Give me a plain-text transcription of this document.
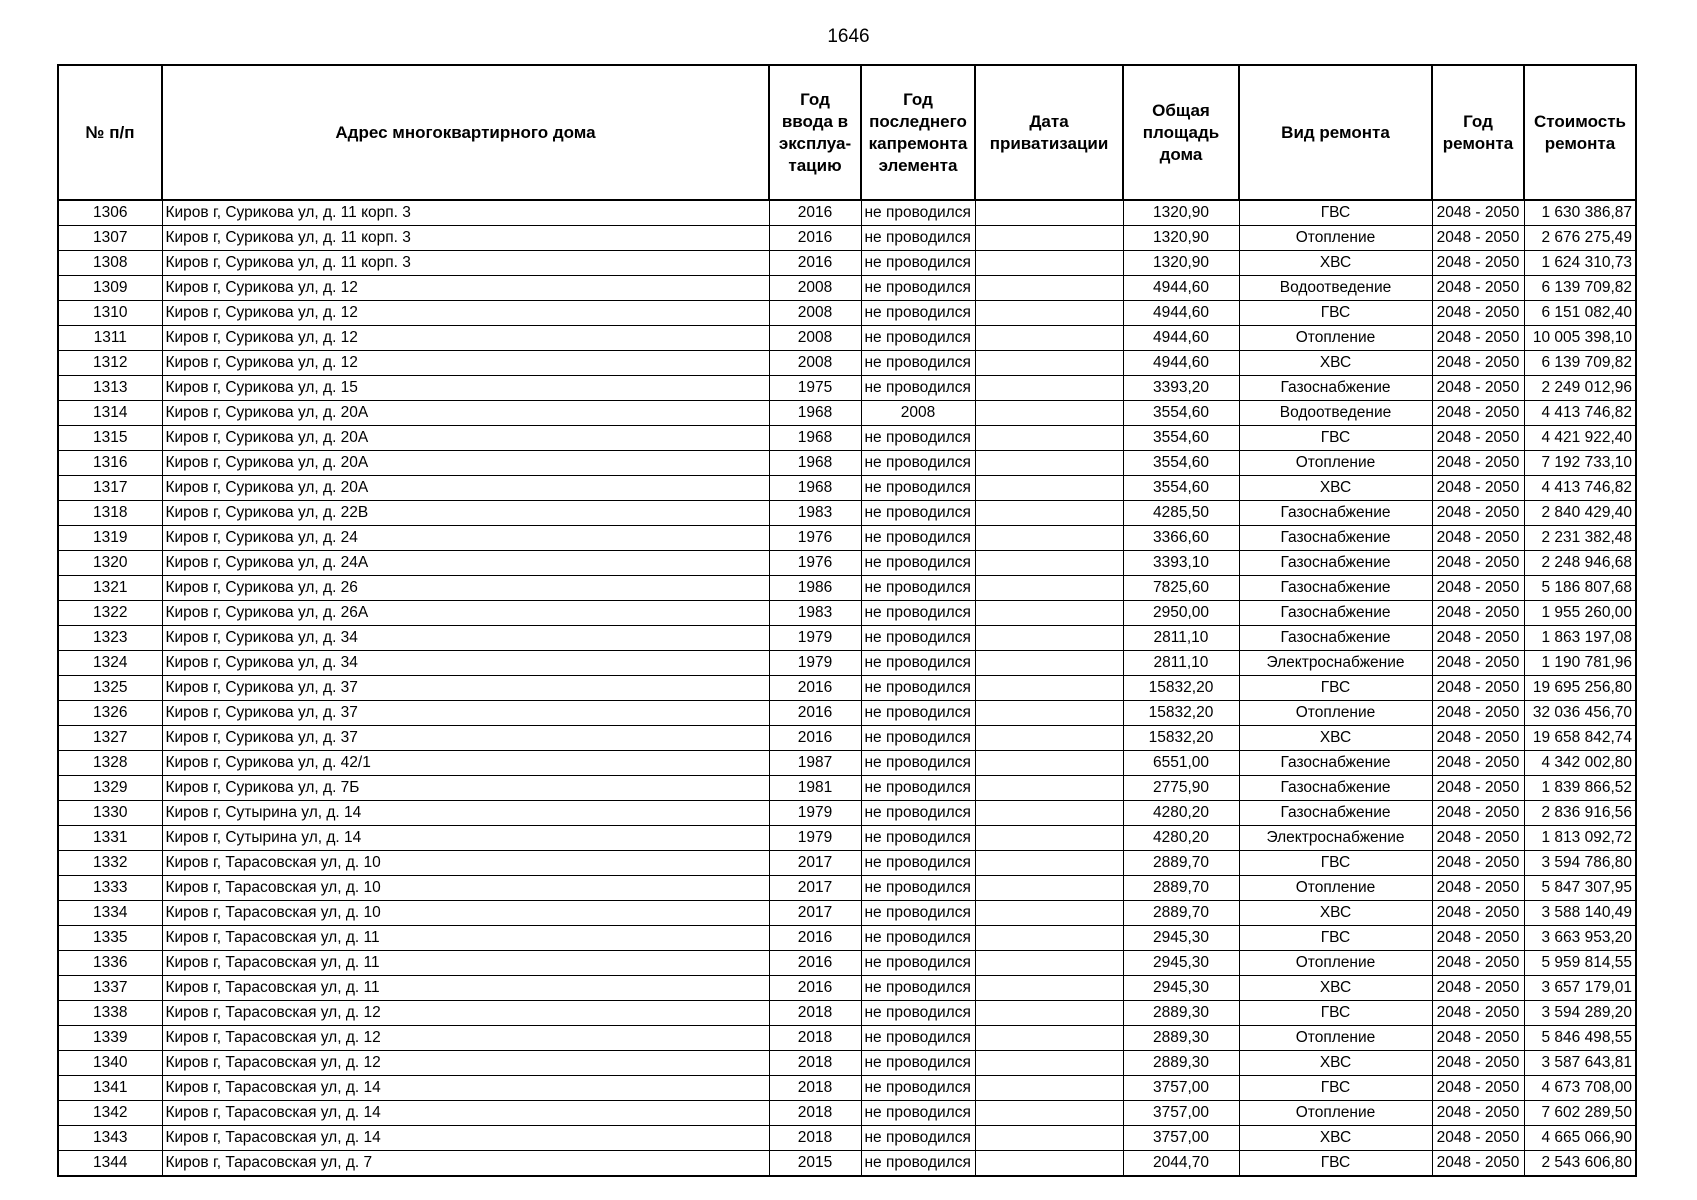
1646
№ п/п	Адрес многоквартирного дома	Год ввода в эксплуа-тацию	Год последнего капремонта элемента	Дата приватизации	Общая площадь дома	Вид ремонта	Год ремонта	Стоимость ремонта
1306	Киров г, Сурикова ул, д. 11 корп. 3	2016	не проводился		1320,90	ГВС	2048 - 2050	1 630 386,87
1307	Киров г, Сурикова ул, д. 11 корп. 3	2016	не проводился		1320,90	Отопление	2048 - 2050	2 676 275,49
1308	Киров г, Сурикова ул, д. 11 корп. 3	2016	не проводился		1320,90	ХВС	2048 - 2050	1 624 310,73
1309	Киров г, Сурикова ул, д. 12	2008	не проводился		4944,60	Водоотведение	2048 - 2050	6 139 709,82
1310	Киров г, Сурикова ул, д. 12	2008	не проводился		4944,60	ГВС	2048 - 2050	6 151 082,40
1311	Киров г, Сурикова ул, д. 12	2008	не проводился		4944,60	Отопление	2048 - 2050	10 005 398,10
1312	Киров г, Сурикова ул, д. 12	2008	не проводился		4944,60	ХВС	2048 - 2050	6 139 709,82
1313	Киров г, Сурикова ул, д. 15	1975	не проводился		3393,20	Газоснабжение	2048 - 2050	2 249 012,96
1314	Киров г, Сурикова ул, д. 20А	1968	2008		3554,60	Водоотведение	2048 - 2050	4 413 746,82
1315	Киров г, Сурикова ул, д. 20А	1968	не проводился		3554,60	ГВС	2048 - 2050	4 421 922,40
1316	Киров г, Сурикова ул, д. 20А	1968	не проводился		3554,60	Отопление	2048 - 2050	7 192 733,10
1317	Киров г, Сурикова ул, д. 20А	1968	не проводился		3554,60	ХВС	2048 - 2050	4 413 746,82
1318	Киров г, Сурикова ул, д. 22В	1983	не проводился		4285,50	Газоснабжение	2048 - 2050	2 840 429,40
1319	Киров г, Сурикова ул, д. 24	1976	не проводился		3366,60	Газоснабжение	2048 - 2050	2 231 382,48
1320	Киров г, Сурикова ул, д. 24А	1976	не проводился		3393,10	Газоснабжение	2048 - 2050	2 248 946,68
1321	Киров г, Сурикова ул, д. 26	1986	не проводился		7825,60	Газоснабжение	2048 - 2050	5 186 807,68
1322	Киров г, Сурикова ул, д. 26А	1983	не проводился		2950,00	Газоснабжение	2048 - 2050	1 955 260,00
1323	Киров г, Сурикова ул, д. 34	1979	не проводился		2811,10	Газоснабжение	2048 - 2050	1 863 197,08
1324	Киров г, Сурикова ул, д. 34	1979	не проводился		2811,10	Электроснабжение	2048 - 2050	1 190 781,96
1325	Киров г, Сурикова ул, д. 37	2016	не проводился		15832,20	ГВС	2048 - 2050	19 695 256,80
1326	Киров г, Сурикова ул, д. 37	2016	не проводился		15832,20	Отопление	2048 - 2050	32 036 456,70
1327	Киров г, Сурикова ул, д. 37	2016	не проводился		15832,20	ХВС	2048 - 2050	19 658 842,74
1328	Киров г, Сурикова ул, д. 42/1	1987	не проводился		6551,00	Газоснабжение	2048 - 2050	4 342 002,80
1329	Киров г, Сурикова ул, д. 7Б	1981	не проводился		2775,90	Газоснабжение	2048 - 2050	1 839 866,52
1330	Киров г, Сутырина ул, д. 14	1979	не проводился		4280,20	Газоснабжение	2048 - 2050	2 836 916,56
1331	Киров г, Сутырина ул, д. 14	1979	не проводился		4280,20	Электроснабжение	2048 - 2050	1 813 092,72
1332	Киров г, Тарасовская ул, д. 10	2017	не проводился		2889,70	ГВС	2048 - 2050	3 594 786,80
1333	Киров г, Тарасовская ул, д. 10	2017	не проводился		2889,70	Отопление	2048 - 2050	5 847 307,95
1334	Киров г, Тарасовская ул, д. 10	2017	не проводился		2889,70	ХВС	2048 - 2050	3 588 140,49
1335	Киров г, Тарасовская ул, д. 11	2016	не проводился		2945,30	ГВС	2048 - 2050	3 663 953,20
1336	Киров г, Тарасовская ул, д. 11	2016	не проводился		2945,30	Отопление	2048 - 2050	5 959 814,55
1337	Киров г, Тарасовская ул, д. 11	2016	не проводился		2945,30	ХВС	2048 - 2050	3 657 179,01
1338	Киров г, Тарасовская ул, д. 12	2018	не проводился		2889,30	ГВС	2048 - 2050	3 594 289,20
1339	Киров г, Тарасовская ул, д. 12	2018	не проводился		2889,30	Отопление	2048 - 2050	5 846 498,55
1340	Киров г, Тарасовская ул, д. 12	2018	не проводился		2889,30	ХВС	2048 - 2050	3 587 643,81
1341	Киров г, Тарасовская ул, д. 14	2018	не проводился		3757,00	ГВС	2048 - 2050	4 673 708,00
1342	Киров г, Тарасовская ул, д. 14	2018	не проводился		3757,00	Отопление	2048 - 2050	7 602 289,50
1343	Киров г, Тарасовская ул, д. 14	2018	не проводился		3757,00	ХВС	2048 - 2050	4 665 066,90
1344	Киров г, Тарасовская ул, д. 7	2015	не проводился		2044,70	ГВС	2048 - 2050	2 543 606,80
